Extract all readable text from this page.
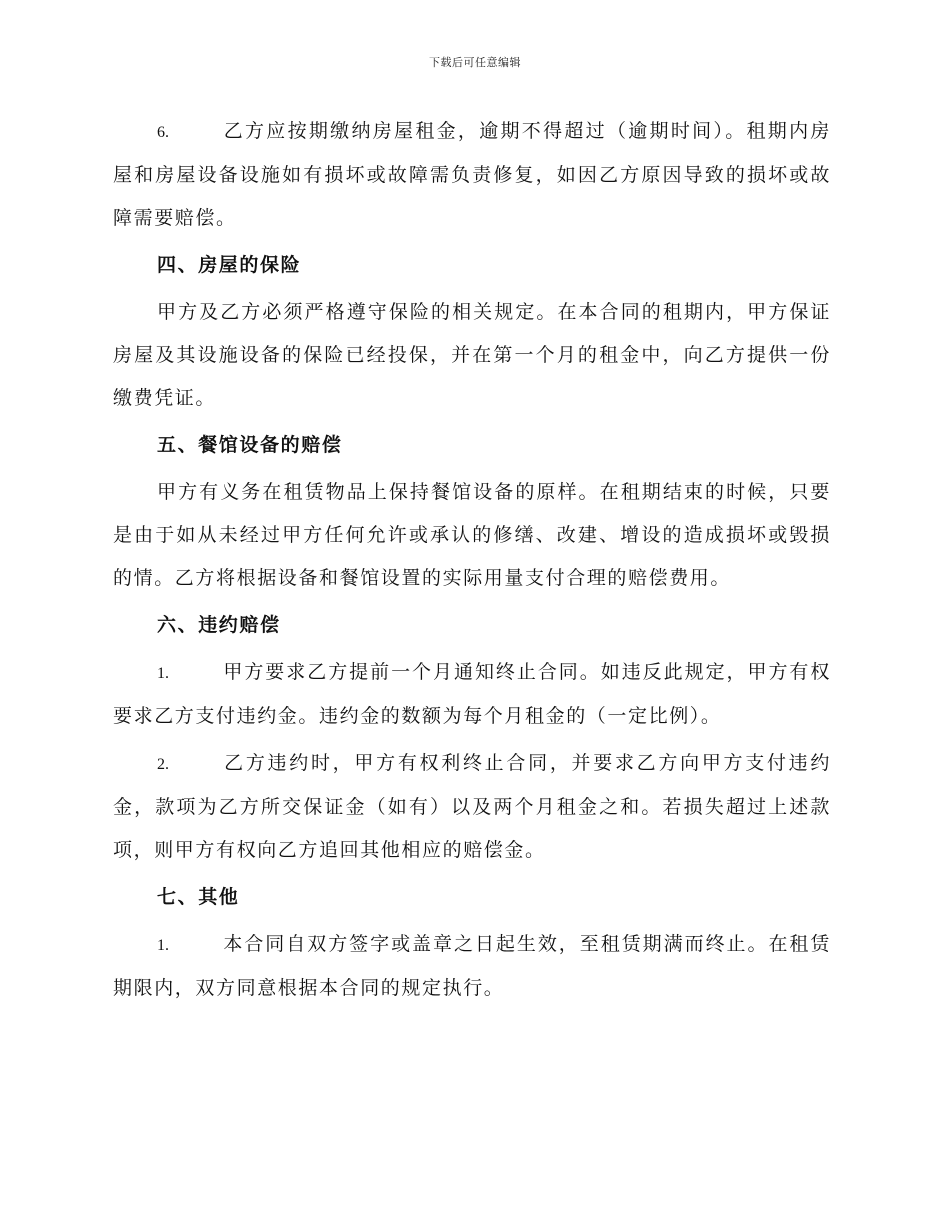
下载后可任意编辑

6.	乙方应按期缴纳房屋租金，逾期不得超过（逾期时间）。租期内房屋和房屋设备设施如有损坏或故障需负责修复，如因乙方原因导致的损坏或故障需要赔偿。

四、房屋的保险

甲方及乙方必须严格遵守保险的相关规定。在本合同的租期内，甲方保证房屋及其设施设备的保险已经投保，并在第一个月的租金中，向乙方提供一份缴费凭证。

五、餐馆设备的赔偿

甲方有义务在租赁物品上保持餐馆设备的原样。在租期结束的时候，只要是由于如从未经过甲方任何允许或承认的修缮、改建、增设的造成损坏或毁损的情。乙方将根据设备和餐馆设置的实际用量支付合理的赔偿费用。

六、违约赔偿

1.	甲方要求乙方提前一个月通知终止合同。如违反此规定，甲方有权要求乙方支付违约金。违约金的数额为每个月租金的（一定比例）。

2.	乙方违约时，甲方有权利终止合同，并要求乙方向甲方支付违约金，款项为乙方所交保证金（如有）以及两个月租金之和。若损失超过上述款项，则甲方有权向乙方追回其他相应的赔偿金。

七、其他

1.	本合同自双方签字或盖章之日起生效，至租赁期满而终止。在租赁期限内，双方同意根据本合同的规定执行。
